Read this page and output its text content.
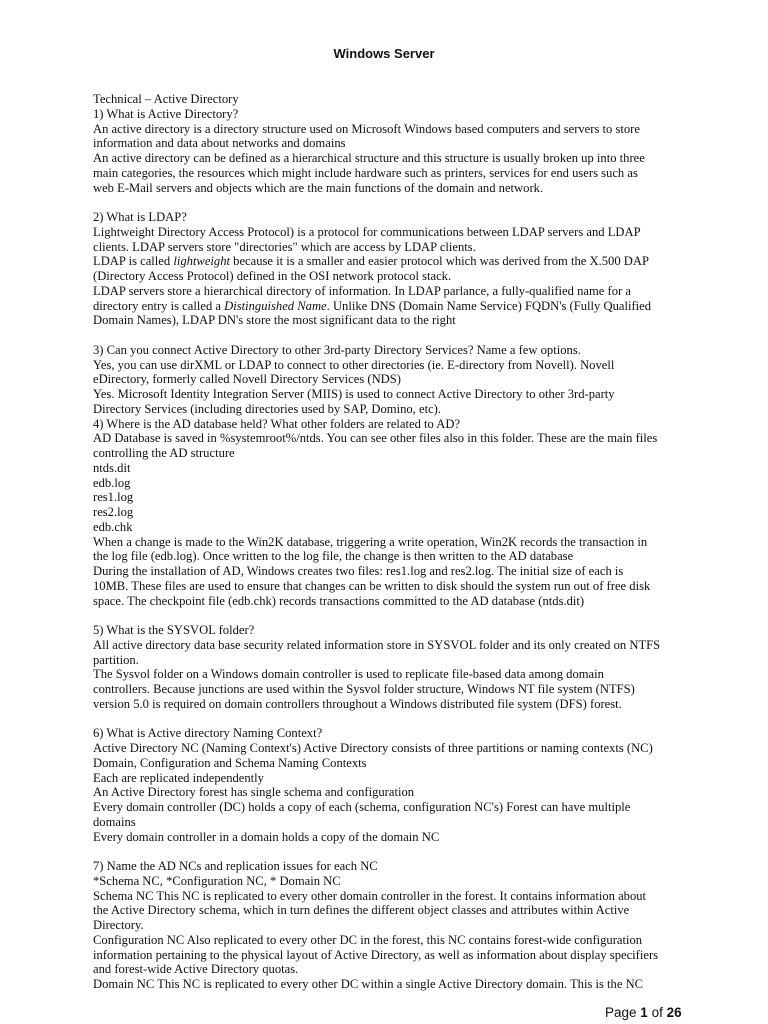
Windows Server
Technical – Active Directory
1) What is Active Directory?
An active directory is a directory structure used on Microsoft Windows based computers and servers to store
information and data about networks and domains
An active directory can be defined as a hierarchical structure and this structure is usually broken up into three
main categories, the resources which might include hardware such as printers, services for end users such as
web E-Mail servers and objects which are the main functions of the domain and network.
2) What is LDAP?
Lightweight Directory Access Protocol) is a protocol for communications between LDAP servers and LDAP
clients. LDAP servers store "directories" which are access by LDAP clients.
LDAP is called lightweight because it is a smaller and easier protocol which was derived from the X.500 DAP
(Directory Access Protocol) defined in the OSI network protocol stack.
LDAP servers store a hierarchical directory of information. In LDAP parlance, a fully-qualified name for a
directory entry is called a Distinguished Name. Unlike DNS (Domain Name Service) FQDN's (Fully Qualified
Domain Names), LDAP DN's store the most significant data to the right
3) Can you connect Active Directory to other 3rd-party Directory Services? Name a few options.
Yes, you can use dirXML or LDAP to connect to other directories (ie. E-directory from Novell). Novell
eDirectory, formerly called Novell Directory Services (NDS)
Yes. Microsoft Identity Integration Server (MIIS) is used to connect Active Directory to other 3rd-party
Directory Services (including directories used by SAP, Domino, etc).
4) Where is the AD database held? What other folders are related to AD?
AD Database is saved in %systemroot%/ntds. You can see other files also in this folder. These are the main files
controlling the AD structure
ntds.dit
edb.log
res1.log
res2.log
edb.chk
When a change is made to the Win2K database, triggering a write operation, Win2K records the transaction in
the log file (edb.log). Once written to the log file, the change is then written to the AD database
During the installation of AD, Windows creates two files: res1.log and res2.log. The initial size of each is
10MB. These files are used to ensure that changes can be written to disk should the system run out of free disk
space. The checkpoint file (edb.chk) records transactions committed to the AD database (ntds.dit)
5) What is the SYSVOL folder?
All active directory data base security related information store in SYSVOL folder and its only created on NTFS
partition.
The Sysvol folder on a Windows domain controller is used to replicate file-based data among domain
controllers. Because junctions are used within the Sysvol folder structure, Windows NT file system (NTFS)
version 5.0 is required on domain controllers throughout a Windows distributed file system (DFS) forest.
6) What is Active directory Naming Context?
Active Directory NC (Naming Context's) Active Directory consists of three partitions or naming contexts (NC)
Domain, Configuration and Schema Naming Contexts
Each are replicated independently
An Active Directory forest has single schema and configuration
Every domain controller (DC) holds a copy of each (schema, configuration NC's) Forest can have multiple
domains
Every domain controller in a domain holds a copy of the domain NC
7) Name the AD NCs and replication issues for each NC
*Schema NC, *Configuration NC, * Domain NC
Schema NC This NC is replicated to every other domain controller in the forest. It contains information about
the Active Directory schema, which in turn defines the different object classes and attributes within Active
Directory.
Configuration NC Also replicated to every other DC in the forest, this NC contains forest-wide configuration
information pertaining to the physical layout of Active Directory, as well as information about display specifiers
and forest-wide Active Directory quotas.
Domain NC This NC is replicated to every other DC within a single Active Directory domain. This is the NC
Page 1 of 26
